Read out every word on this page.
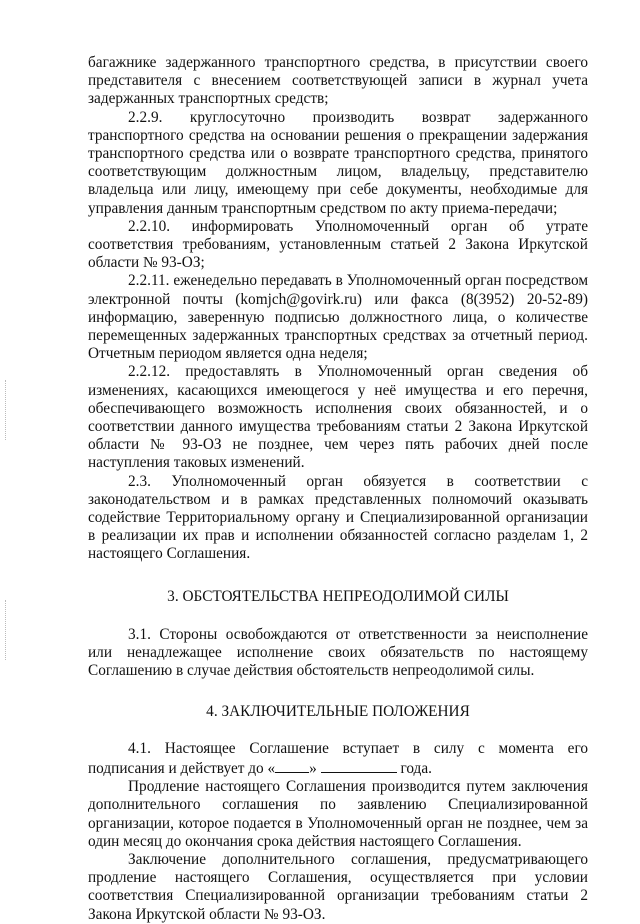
багажнике задержанного транспортного средства, в присутствии своего представителя с внесением соответствующей записи в журнал учета задержанных транспортных средств;

2.2.9. круглосуточно производить возврат задержанного транспортного средства на основании решения о прекращении задержания транспортного средства или о возврате транспортного средства, принятого соответствующим должностным лицом, владельцу, представителю владельца или лицу, имеющему при себе документы, необходимые для управления данным транспортным средством по акту приема-передачи;

2.2.10. информировать Уполномоченный орган об утрате соответствия требованиям, установленным статьей 2 Закона Иркутской области № 93-ОЗ;

2.2.11. еженедельно передавать в Уполномоченный орган посредством электронной почты (komjch@govirk.ru) или факса (8(3952) 20-52-89) информацию, заверенную подписью должностного лица, о количестве перемещенных задержанных транспортных средствах за отчетный период. Отчетным периодом является одна неделя;

2.2.12. предоставлять в Уполномоченный орган сведения об изменениях, касающихся имеющегося у неё имущества и его перечня, обеспечивающего возможность исполнения своих обязанностей, и о соответствии данного имущества требованиям статьи 2 Закона Иркутской области № 93-ОЗ не позднее, чем через пять рабочих дней после наступления таковых изменений.

2.3. Уполномоченный орган обязуется в соответствии с законодательством и в рамках представленных полномочий оказывать содействие Территориальному органу и Специализированной организации в реализации их прав и исполнении обязанностей согласно разделам 1, 2 настоящего Соглашения.

3. ОБСТОЯТЕЛЬСТВА НЕПРЕОДОЛИМОЙ СИЛЫ

3.1. Стороны освобождаются от ответственности за неисполнение или ненадлежащее исполнение своих обязательств по настоящему Соглашению в случае действия обстоятельств непреодолимой силы.

4. ЗАКЛЮЧИТЕЛЬНЫЕ ПОЛОЖЕНИЯ

4.1. Настоящее Соглашение вступает в силу с момента его подписания и действует до « »	года.

Продление настоящего Соглашения производится путем заключения дополнительного соглашения по заявлению Специализированной организации, которое подается в Уполномоченный орган не позднее, чем за один месяц до окончания срока действия настоящего Соглашения.

Заключение дополнительного соглашения, предусматривающего продление настоящего Соглашения, осуществляется при условии соответствия Специализированной организации требованиям статьи 2 Закона Иркутской области № 93-ОЗ.
